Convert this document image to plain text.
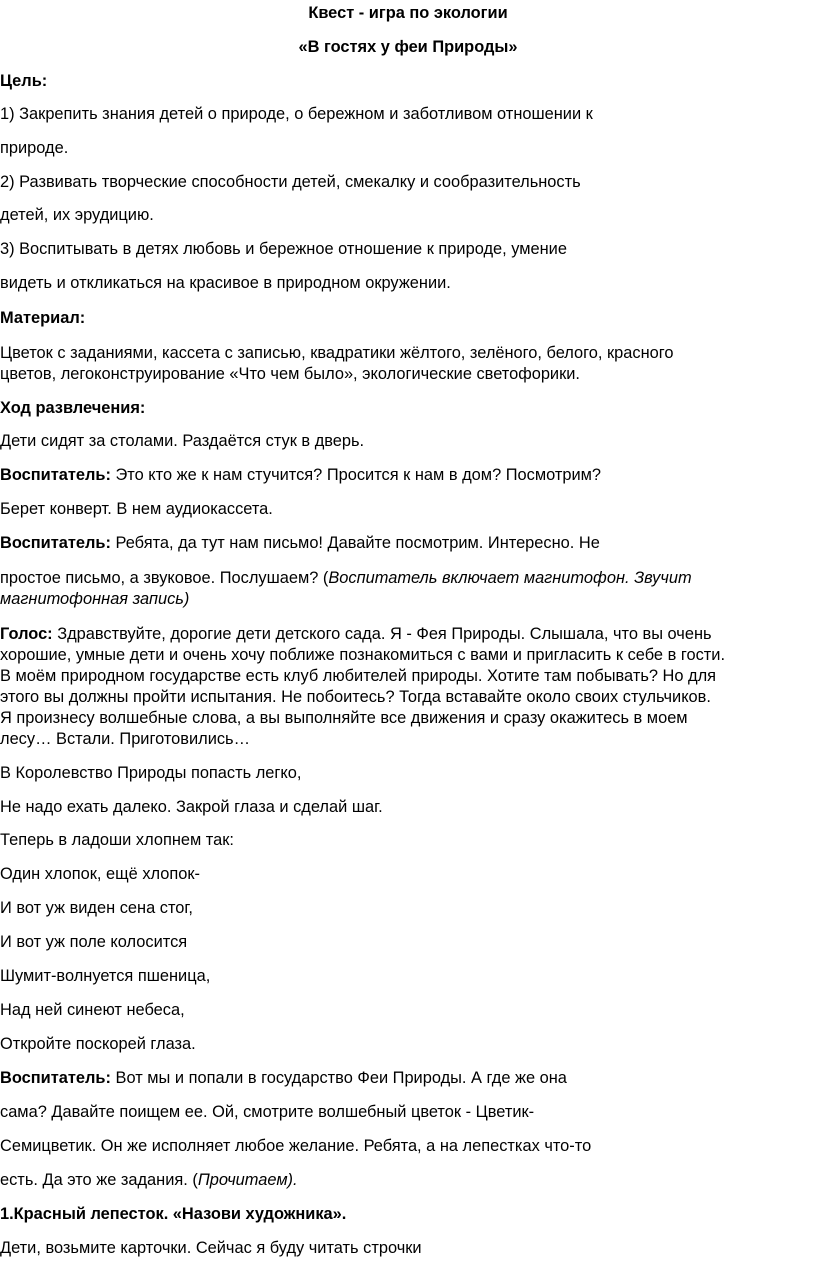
Квест - игра по экологии
«В гостях у феи Природы»
Цель:
1) Закрепить знания детей о природе, о бережном и заботливом отношении к
природе.
2) Развивать творческие способности детей, смекалку и сообразительность
детей, их эрудицию.
3) Воспитывать в детях любовь и бережное отношение к природе, умение
видеть и откликаться на красивое в природном окружении.
Материал:
Цветок с заданиями, кассета с записью, квадратики жёлтого, зелёного, белого, красного
цветов, легоконструирование «Что чем было», экологические светофорики.
Ход развлечения:
Дети сидят за столами. Раздаётся стук в дверь.
Воспитатель: Это кто же к нам стучится? Просится к нам в дом? Посмотрим?
Берет конверт. В нем аудиокассета.
Воспитатель: Ребята, да тут нам письмо! Давайте посмотрим. Интересно. Не
простое письмо, а звуковое. Послушаем? (Воспитатель включает магнитофон. Звучит
магнитофонная запись)
Голос: Здравствуйте, дорогие дети детского сада. Я - Фея Природы. Слышала, что вы очень
хорошие, умные дети и очень хочу поближе познакомиться с вами и пригласить к себе в гости.
В моём природном государстве есть клуб любителей природы. Хотите там побывать? Но для
этого вы должны пройти испытания. Не побоитесь? Тогда вставайте около своих стульчиков.
Я произнесу волшебные слова, а вы выполняйте все движения и сразу окажитесь в моем
лесу… Встали. Приготовились…
В Королевство Природы попасть легко,
Не надо ехать далеко. Закрой глаза и сделай шаг.
Теперь в ладоши хлопнем так:
Один хлопок, ещё хлопок-
И вот уж виден сена стог,
И вот уж поле колосится
Шумит-волнуется пшеница,
Над ней синеют небеса,
Откройте поскорей глаза.
Воспитатель: Вот мы и попали в государство Феи Природы. А где же она
сама? Давайте поищем ее. Ой, смотрите волшебный цветок - Цветик-
Семицветик. Он же исполняет любое желание. Ребята, а на лепестках что-то
есть. Да это же задания. (Прочитаем).
1.Красный лепесток. «Назови художника».
Дети, возьмите карточки. Сейчас я буду читать строчки
